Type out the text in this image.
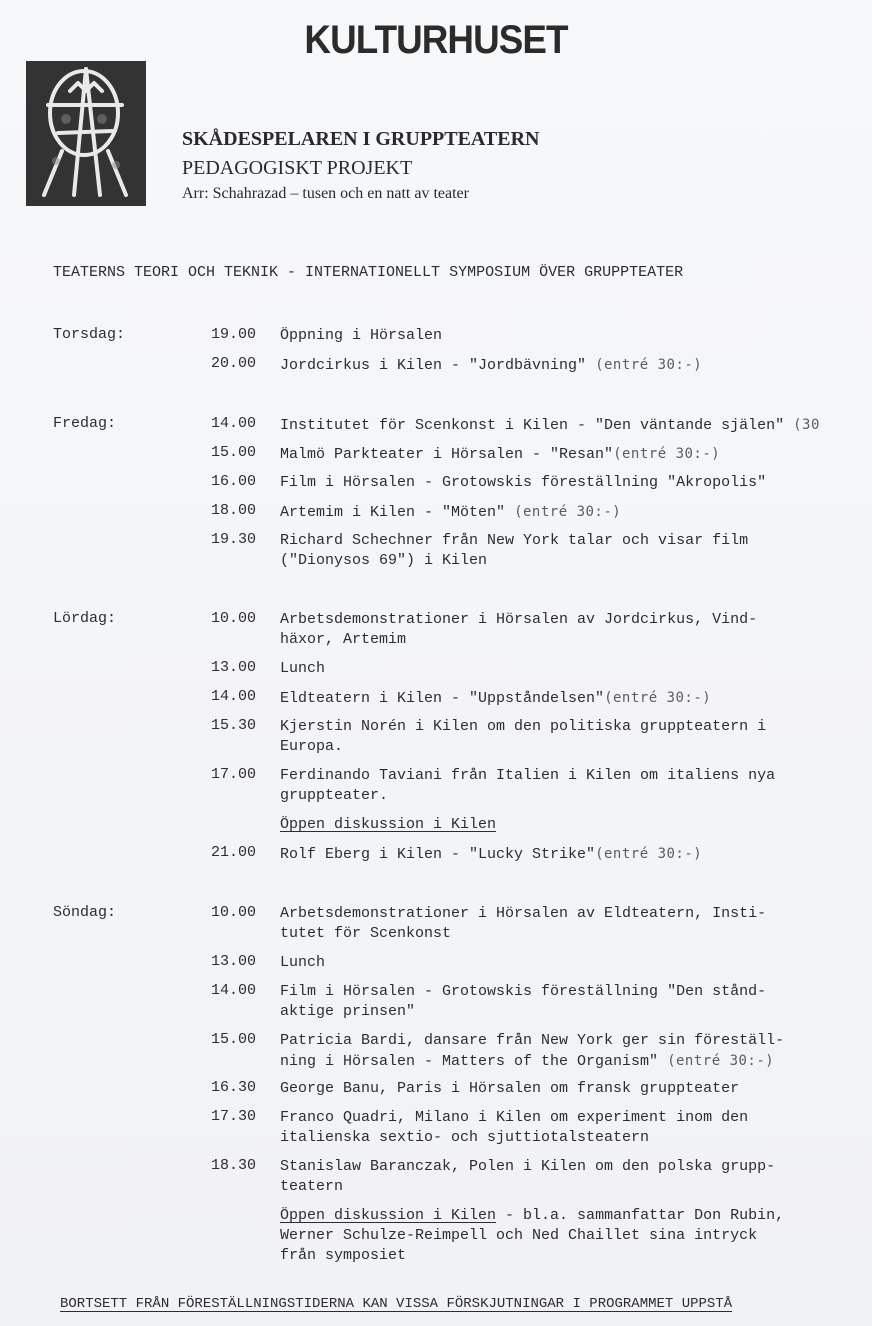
KULTURHUSET
SKÅDESPELAREN I GRUPPTEATERN
PEDAGOGISKT PROJEKT
Arr: Schahrazad – tusen och en natt av teater
TEATERNS TEORI OCH TEKNIK - INTERNATIONELLT SYMPOSIUM ÖVER GRUPPTEATER
Torsdag:	19.00 Öppning i Hörsalen
20.00 Jordcirkus i Kilen - "Jordbävning" (entré 30:-)
Fredag:	14.00 Institutet för Scenkonst i Kilen - "Den väntande själen" (30
15.00 Malmö Parkteater i Hörsalen - "Resan"(entré 30:-)
16.00 Film i Hörsalen - Grotowskis föreställning "Akropolis"
18.00 Artemim i Kilen - "Möten" (entré 30:-)
19.30 Richard Schechner från New York talar och visar film
("Dionysos 69") i Kilen
Lördag:	10.00 Arbetsdemonstrationer i Hörsalen av Jordcirkus, Vind-
häxor, Artemim
13.00 Lunch
14.00 Eldteatern i Kilen - "Uppståndelsen"(entré 30:-)
15.30 Kjerstin Norén i Kilen om den politiska gruppteatern i
Europa.
17.00 Ferdinando Taviani från Italien i Kilen om italiens nya
gruppteater.
Öppen diskussion i Kilen
21.00 Rolf Eberg i Kilen - "Lucky Strike"(entré 30:-)
Söndag:	10.00 Arbetsdemonstrationer i Hörsalen av Eldteatern, Insti-
tutet för Scenkonst
13.00 Lunch
14.00 Film i Hörsalen - Grotowskis föreställning "Den stånd-
aktige prinsen"
15.00 Patricia Bardi, dansare från New York ger sin föreställ-
ning i Hörsalen - Matters of the Organism" (entré 30:-)
16.30 George Banu, Paris i Hörsalen om fransk gruppteater
17.30 Franco Quadri, Milano i Kilen om experiment inom den
italienska sextio- och sjuttiotalsteatern
18.30 Stanislaw Baranczak, Polen i Kilen om den polska grupp-
teatern
Öppen diskussion i Kilen - bl.a. sammanfattar Don Rubin,
Werner Schulze-Reimpell och Ned Chaillet sina intryck
från symposiet
BORTSETT FRÅN FÖRESTÄLLNINGSTIDERNA KAN VISSA FÖRSKJUTNINGAR I PROGRAMMET UPPSTÅ
